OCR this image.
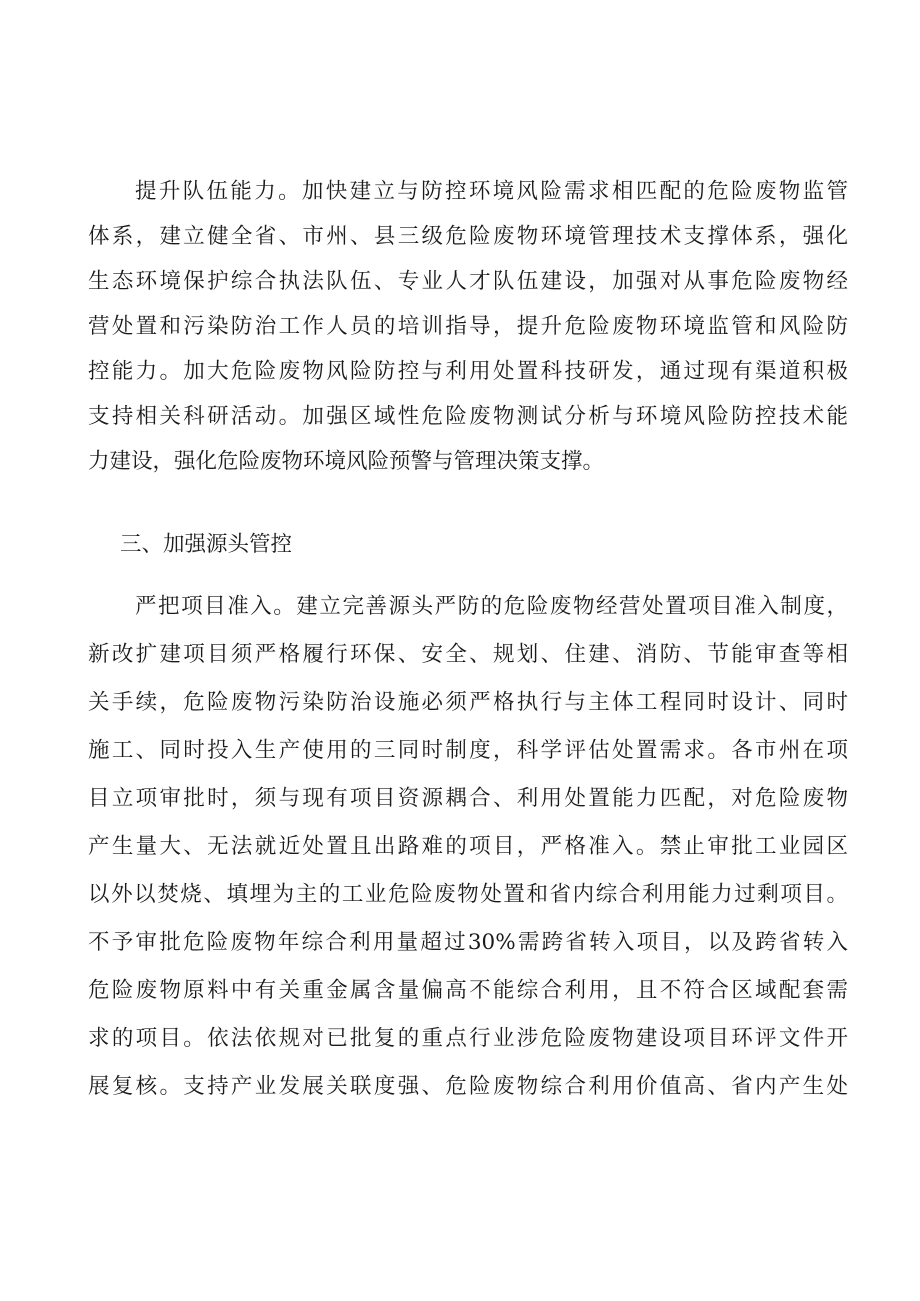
提升队伍能力。加快建立与防控环境风险需求相匹配的危险废物监管
体系，建立健全省、市州、县三级危险废物环境管理技术支撑体系，强化
生态环境保护综合执法队伍、专业人才队伍建设，加强对从事危险废物经
营处置和污染防治工作人员的培训指导，提升危险废物环境监管和风险防
控能力。加大危险废物风险防控与利用处置科技研发，通过现有渠道积极
支持相关科研活动。加强区域性危险废物测试分析与环境风险防控技术能
力建设，强化危险废物环境风险预警与管理决策支撑。
三、加强源头管控
严把项目准入。建立完善源头严防的危险废物经营处置项目准入制度，
新改扩建项目须严格履行环保、安全、规划、住建、消防、节能审查等相
关手续，危险废物污染防治设施必须严格执行与主体工程同时设计、同时
施工、同时投入生产使用的三同时制度，科学评估处置需求。各市州在项
目立项审批时，须与现有项目资源耦合、利用处置能力匹配，对危险废物
产生量大、无法就近处置且出路难的项目，严格准入。禁止审批工业园区
以外以焚烧、填埋为主的工业危险废物处置和省内综合利用能力过剩项目。
不予审批危险废物年综合利用量超过30%需跨省转入项目，以及跨省转入
危险废物原料中有关重金属含量偏高不能综合利用，且不符合区域配套需
求的项目。依法依规对已批复的重点行业涉危险废物建设项目环评文件开
展复核。支持产业发展关联度强、危险废物综合利用价值高、省内产生处
